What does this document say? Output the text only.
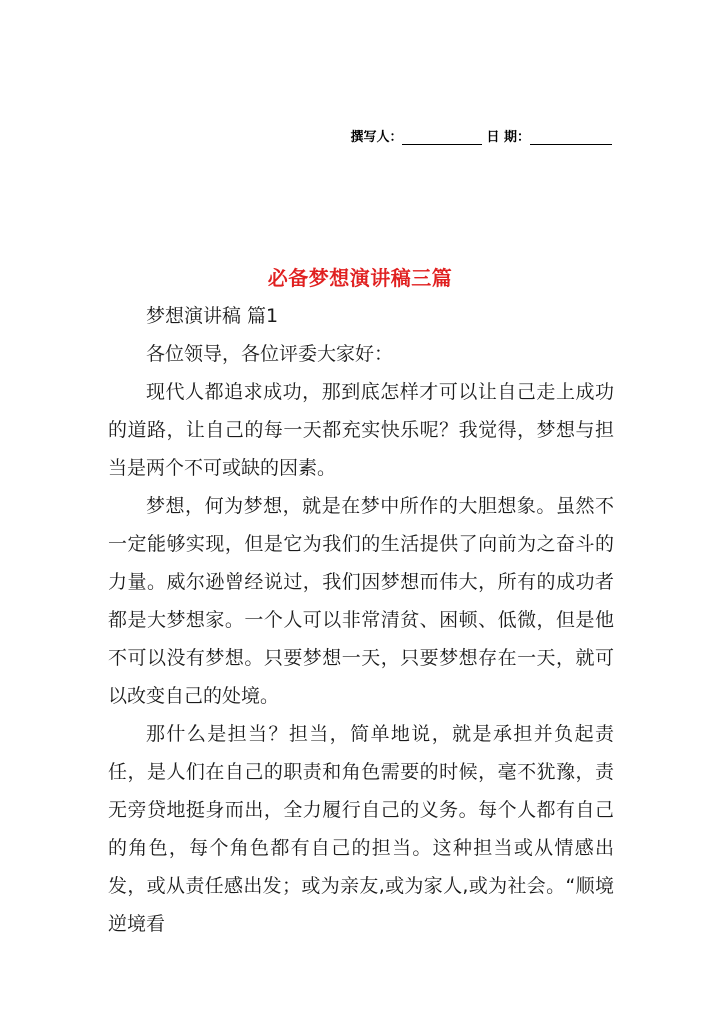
撰写人：	日 期：
必备梦想演讲稿三篇

梦想演讲稿 篇1

各位领导，各位评委大家好：

现代人都追求成功，那到底怎样才可以让自己走上成功的道路，让自己的每一天都充实快乐呢？我觉得，梦想与担当是两个不可或缺的因素。

梦想，何为梦想，就是在梦中所作的大胆想象。虽然不一定能够实现，但是它为我们的生活提供了向前为之奋斗的力量。威尔逊曾经说过，我们因梦想而伟大，所有的成功者都是大梦想家。一个人可以非常清贫、困顿、低微，但是他不可以没有梦想。只要梦想一天，只要梦想存在一天，就可以改变自己的处境。

那什么是担当？担当，简单地说，就是承担并负起责任，是人们在自己的职责和角色需要的时候，毫不犹豫，责无旁贷地挺身而出，全力履行自己的义务。每个人都有自己的角色，每个角色都有自己的担当。这种担当或从情感出发，或从责任感出发；或为亲友,或为家人,或为社会。“顺境逆境看
